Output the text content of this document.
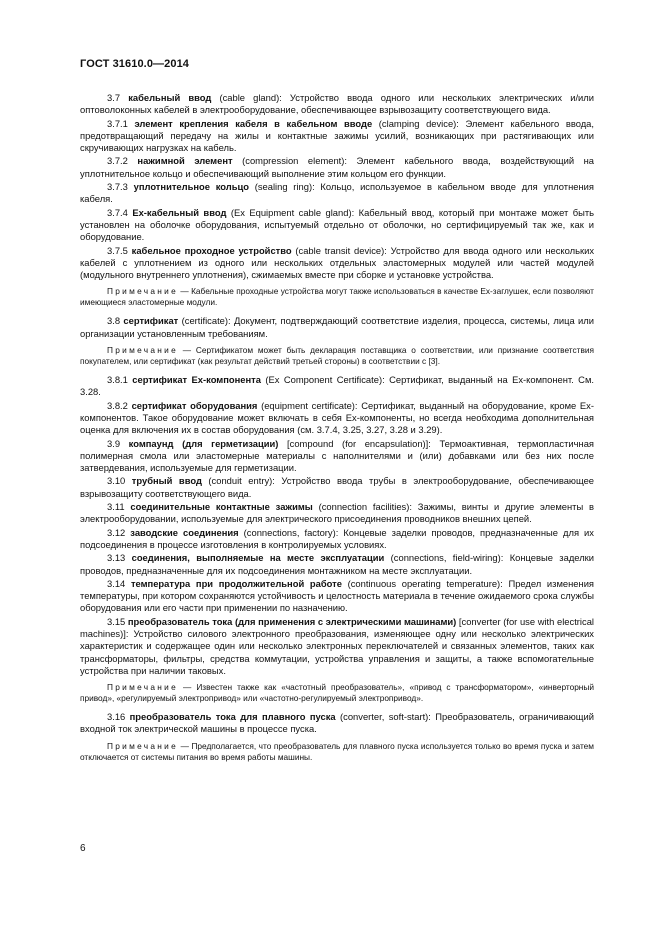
ГОСТ 31610.0—2014
3.7 кабельный ввод (cable gland): Устройство ввода одного или нескольких электрических и/или оптоволоконных кабелей в электрооборудование, обеспечивающее взрывозащиту соответствующего вида.
3.7.1 элемент крепления кабеля в кабельном вводе (clamping device): Элемент кабельного ввода, предотвращающий передачу на жилы и контактные зажимы усилий, возникающих при растягивающих или скручивающих нагрузках на кабель.
3.7.2 нажимной элемент (compression element): Элемент кабельного ввода, воздействующий на уплотнительное кольцо и обеспечивающий выполнение этим кольцом его функции.
3.7.3 уплотнительное кольцо (sealing ring): Кольцо, используемое в кабельном вводе для уплотнения кабеля.
3.7.4 Ex-кабельный ввод (Ex Equipment cable gland): Кабельный ввод, который при монтаже может быть установлен на оболочке оборудования, испытуемый отдельно от оболочки, но сертифицируемый так же, как и оборудование.
3.7.5 кабельное проходное устройство (cable transit device): Устройство для ввода одного или нескольких кабелей с уплотнением из одного или нескольких отдельных эластомерных модулей или частей модулей (модульного внутреннего уплотнения), сжимаемых вместе при сборке и установке устройства.
Примечание — Кабельные проходные устройства могут также использоваться в качестве Ex-заглушек, если позволяют имеющиеся эластомерные модули.
3.8 сертификат (certificate): Документ, подтверждающий соответствие изделия, процесса, системы, лица или организации установленным требованиям.
Примечание — Сертификатом может быть декларация поставщика о соответствии, или признание соответствия покупателем, или сертификат (как результат действий третьей стороны) в соответствии с [3].
3.8.1 сертификат Ex-компонента (Ex Component Certificate): Сертификат, выданный на Ex-компонент. См. 3.28.
3.8.2 сертификат оборудования (equipment certificate): Сертификат, выданный на оборудование, кроме Ex-компонентов. Такое оборудование может включать в себя Ex-компоненты, но всегда необходима дополнительная оценка для включения их в состав оборудования (см. 3.7.4, 3.25, 3.27, 3.28 и 3.29).
3.9 компаунд (для герметизации) [compound (for encapsulation)]: Термоактивная, термопластичная полимерная смола или эластомерные материалы с наполнителями и (или) добавками или без них после затвердевания, используемые для герметизации.
3.10 трубный ввод (conduit entry): Устройство ввода трубы в электрооборудование, обеспечивающее взрывозащиту соответствующего вида.
3.11 соединительные контактные зажимы (connection facilities): Зажимы, винты и другие элементы в электрооборудовании, используемые для электрического присоединения проводников внешних цепей.
3.12 заводские соединения (connections, factory): Концевые заделки проводов, предназначенные для их подсоединения в процессе изготовления в контролируемых условиях.
3.13 соединения, выполняемые на месте эксплуатации (connections, field-wiring): Концевые заделки проводов, предназначенные для их подсоединения монтажником на месте эксплуатации.
3.14 температура при продолжительной работе (continuous operating temperature): Предел изменения температуры, при котором сохраняются устойчивость и целостность материала в течение ожидаемого срока службы оборудования или его части при применении по назначению.
3.15 преобразователь тока (для применения с электрическими машинами) [converter (for use with electrical machines)]: Устройство силового электронного преобразования, изменяющее одну или несколько электрических характеристик и содержащее один или несколько электронных переключателей и связанных элементов, таких как трансформаторы, фильтры, средства коммутации, устройства управления и защиты, а также вспомогательные устройства при наличии таковых.
Примечание — Известен также как «частотный преобразователь», «привод с трансформатором», «инверторный привод», «регулируемый электропривод» или «частотно-регулируемый электропривод».
3.16 преобразователь тока для плавного пуска (converter, soft-start): Преобразователь, ограничивающий входной ток электрической машины в процессе пуска.
Примечание — Предполагается, что преобразователь для плавного пуска используется только во время пуска и затем отключается от системы питания во время работы машины.
6
